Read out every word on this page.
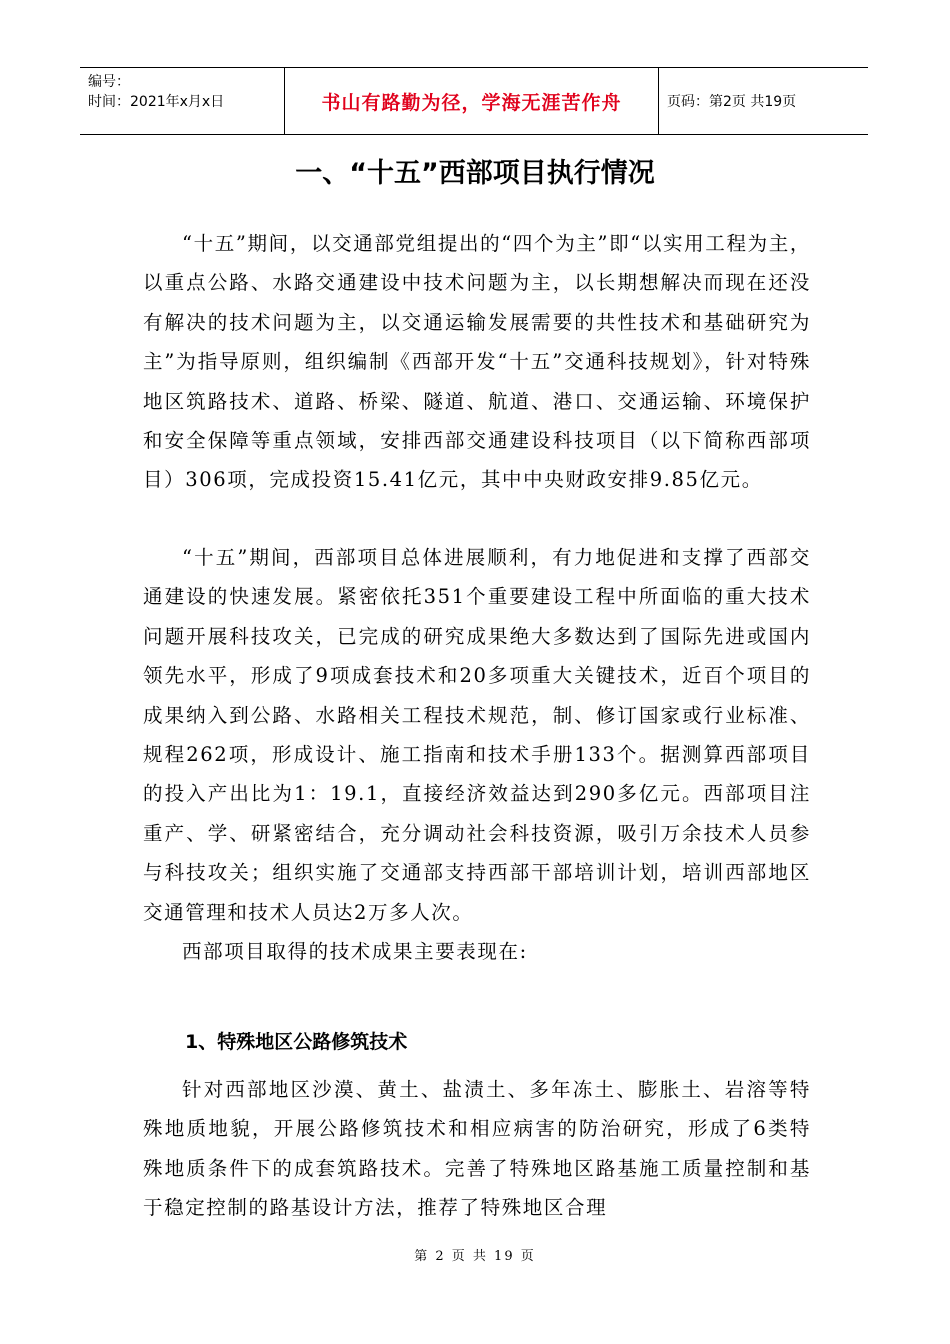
编号：
时间：2021年x月x日	书山有路勤为径，学海无涯苦作舟	页码：第2页 共19页
一、“十五”西部项目执行情况

“十五”期间，以交通部党组提出的“四个为主”即“以实用工程为主，以重点公路、水路交通建设中技术问题为主，以长期想解决而现在还没有解决的技术问题为主，以交通运输发展需要的共性技术和基础研究为主”为指导原则，组织编制《西部开发“十五”交通科技规划》，针对特殊地区筑路技术、道路、桥梁、隧道、航道、港口、交通运输、环境保护和安全保障等重点领域，安排西部交通建设科技项目（以下简称西部项目）306项，完成投资15.41亿元，其中中央财政安排9.85亿元。

“十五”期间，西部项目总体进展顺利，有力地促进和支撑了西部交通建设的快速发展。紧密依托351个重要建设工程中所面临的重大技术问题开展科技攻关，已完成的研究成果绝大多数达到了国际先进或国内领先水平，形成了9项成套技术和20多项重大关键技术，近百个项目的成果纳入到公路、水路相关工程技术规范，制、修订国家或行业标准、规程262项，形成设计、施工指南和技术手册133个。据测算西部项目的投入产出比为1：19.1，直接经济效益达到290多亿元。西部项目注重产、学、研紧密结合，充分调动社会科技资源，吸引万余技术人员参与科技攻关；组织实施了交通部支持西部干部培训计划，培训西部地区交通管理和技术人员达2万多人次。

西部项目取得的技术成果主要表现在:

1、特殊地区公路修筑技术

针对西部地区沙漠、黄土、盐渍土、多年冻土、膨胀土、岩溶等特殊地质地貌，开展公路修筑技术和相应病害的防治研究，形成了6类特殊地质条件下的成套筑路技术。完善了特殊地区路基施工质量控制和基于稳定控制的路基设计方法，推荐了特殊地区合理

第 2 页 共 19 页
